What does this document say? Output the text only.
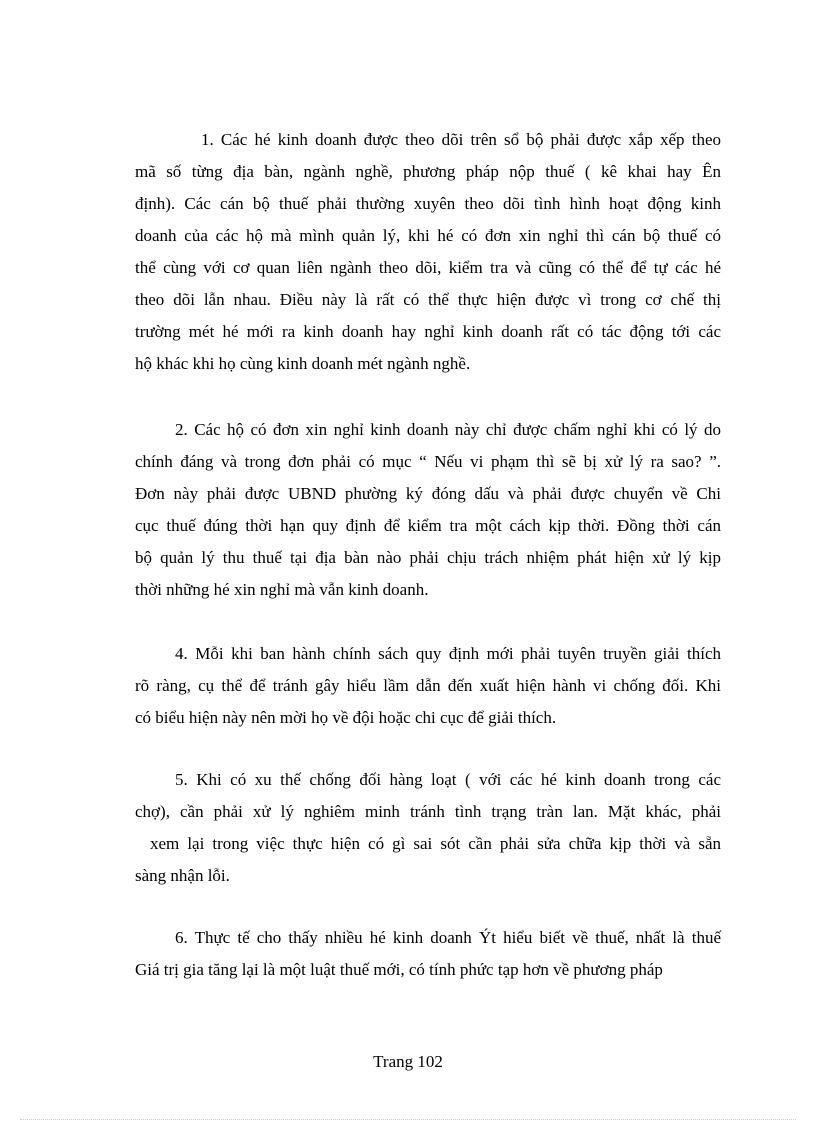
1. Các hé kinh doanh được theo dõi trên sổ bộ phải được xắp xếp theo
mã số từng địa bàn, ngành nghề, phương pháp nộp thuế ( kê khai hay Ên
định). Các cán bộ thuế phải thường xuyên theo dõi tình hình hoạt động kinh
doanh của các hộ mà mình quản lý, khi hé có đơn xin nghỉ thì cán bộ thuế có
thể cùng với cơ quan liên ngành theo dõi, kiểm tra và cũng có thể để tự các hé
theo dõi lẫn nhau. Điều này là rất có thể thực hiện được vì trong cơ chế thị
trường mét hé mới ra kinh doanh hay nghỉ kinh doanh rất có tác động tới các
hộ khác khi họ cùng kinh doanh mét ngành nghề.
2. Các hộ có đơn xin nghỉ kinh doanh này chỉ được chấm nghỉ khi có lý do
chính đáng và trong đơn phải có mục “ Nếu vi phạm thì sẽ bị xử lý ra sao? ”.
Đơn này phải được UBND phường ký đóng dấu và phải được chuyển về Chi
cục thuế đúng thời hạn quy định để kiểm tra một cách kịp thời. Đồng thời cán
bộ quản lý thu thuế tại địa bàn nào phải chịu trách nhiệm phát hiện xử lý kịp
thời những hé xin nghỉ mà vẫn kinh doanh.
4. Mỗi khi ban hành chính sách quy định mới phải tuyên truyền giải thích
rõ ràng, cụ thể để tránh gây hiểu lầm dẫn đến xuất hiện hành vi chống đối. Khi
có biểu hiện này nên mời họ về đội hoặc chi cục để giải thích.
5. Khi có xu thế chống đối hàng loạt ( với các hé kinh doanh trong các
chợ), cần phải xử lý nghiêm minh tránh tình trạng tràn lan. Mặt khác, phải
xem lại trong việc thực hiện có gì sai sót cần phải sửa chữa kịp thời và sẵn
sàng nhận lỗi.
6. Thực tế cho thấy nhiều hé kinh doanh Ýt hiểu biết về thuế, nhất là thuế
Giá trị gia tăng lại là một luật thuế mới, có tính phức tạp hơn về phương pháp
Trang 102
